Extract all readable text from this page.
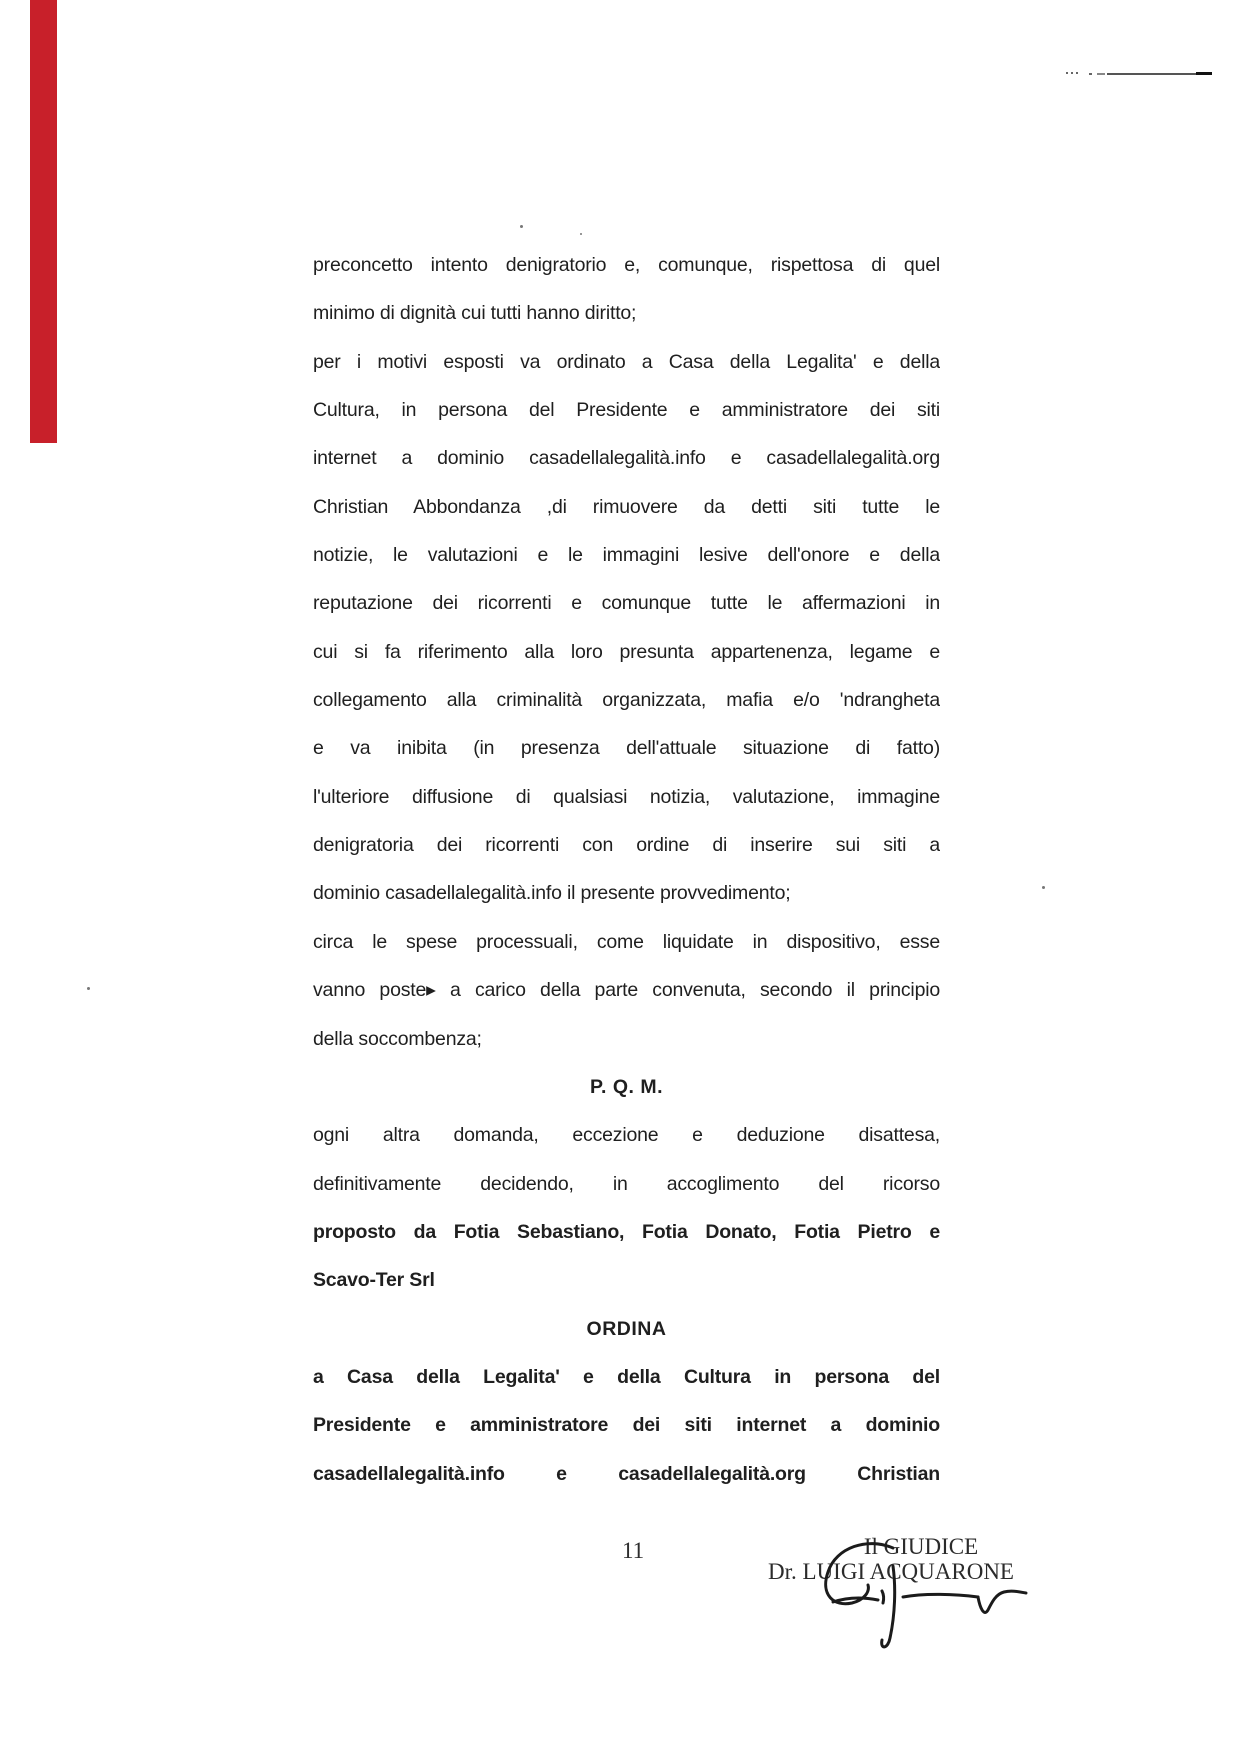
preconcetto intento denigratorio e, comunque, rispettosa di quel
minimo di dignità cui tutti hanno diritto;
per i motivi esposti va ordinato a Casa della Legalita' e della
Cultura, in persona del Presidente e amministratore dei siti
internet a dominio casadellalegalità.info e casadellalegalità.org
Christian Abbondanza ,di rimuovere da detti siti tutte le
notizie, le valutazioni e le immagini lesive dell'onore e della
reputazione dei ricorrenti e comunque tutte le affermazioni in
cui si fa riferimento alla loro presunta appartenenza, legame e
collegamento alla criminalità organizzata, mafia e/o 'ndrangheta
e va inibita (in presenza dell'attuale situazione di fatto)
l'ulteriore diffusione di qualsiasi notizia, valutazione, immagine
denigratoria dei ricorrenti con ordine di inserire sui siti a
dominio casadellalegalità.info il presente provvedimento;
circa le spese processuali, come liquidate in dispositivo, esse
vanno poste▸ a carico della parte convenuta, secondo il principio
della soccombenza;
P. Q. M.
ogni altra domanda, eccezione e deduzione disattesa,
definitivamente decidendo, in accoglimento del ricorso
proposto da Fotia Sebastiano, Fotia Donato, Fotia Pietro e
Scavo-Ter Srl
ORDINA
a Casa della Legalita' e della Cultura in persona del
Presidente e amministratore dei siti internet a dominio
casadellalegalità.info e casadellalegalità.org Christian
11	Il GIUDICE
Dr. LUIGI ACQUARONE
